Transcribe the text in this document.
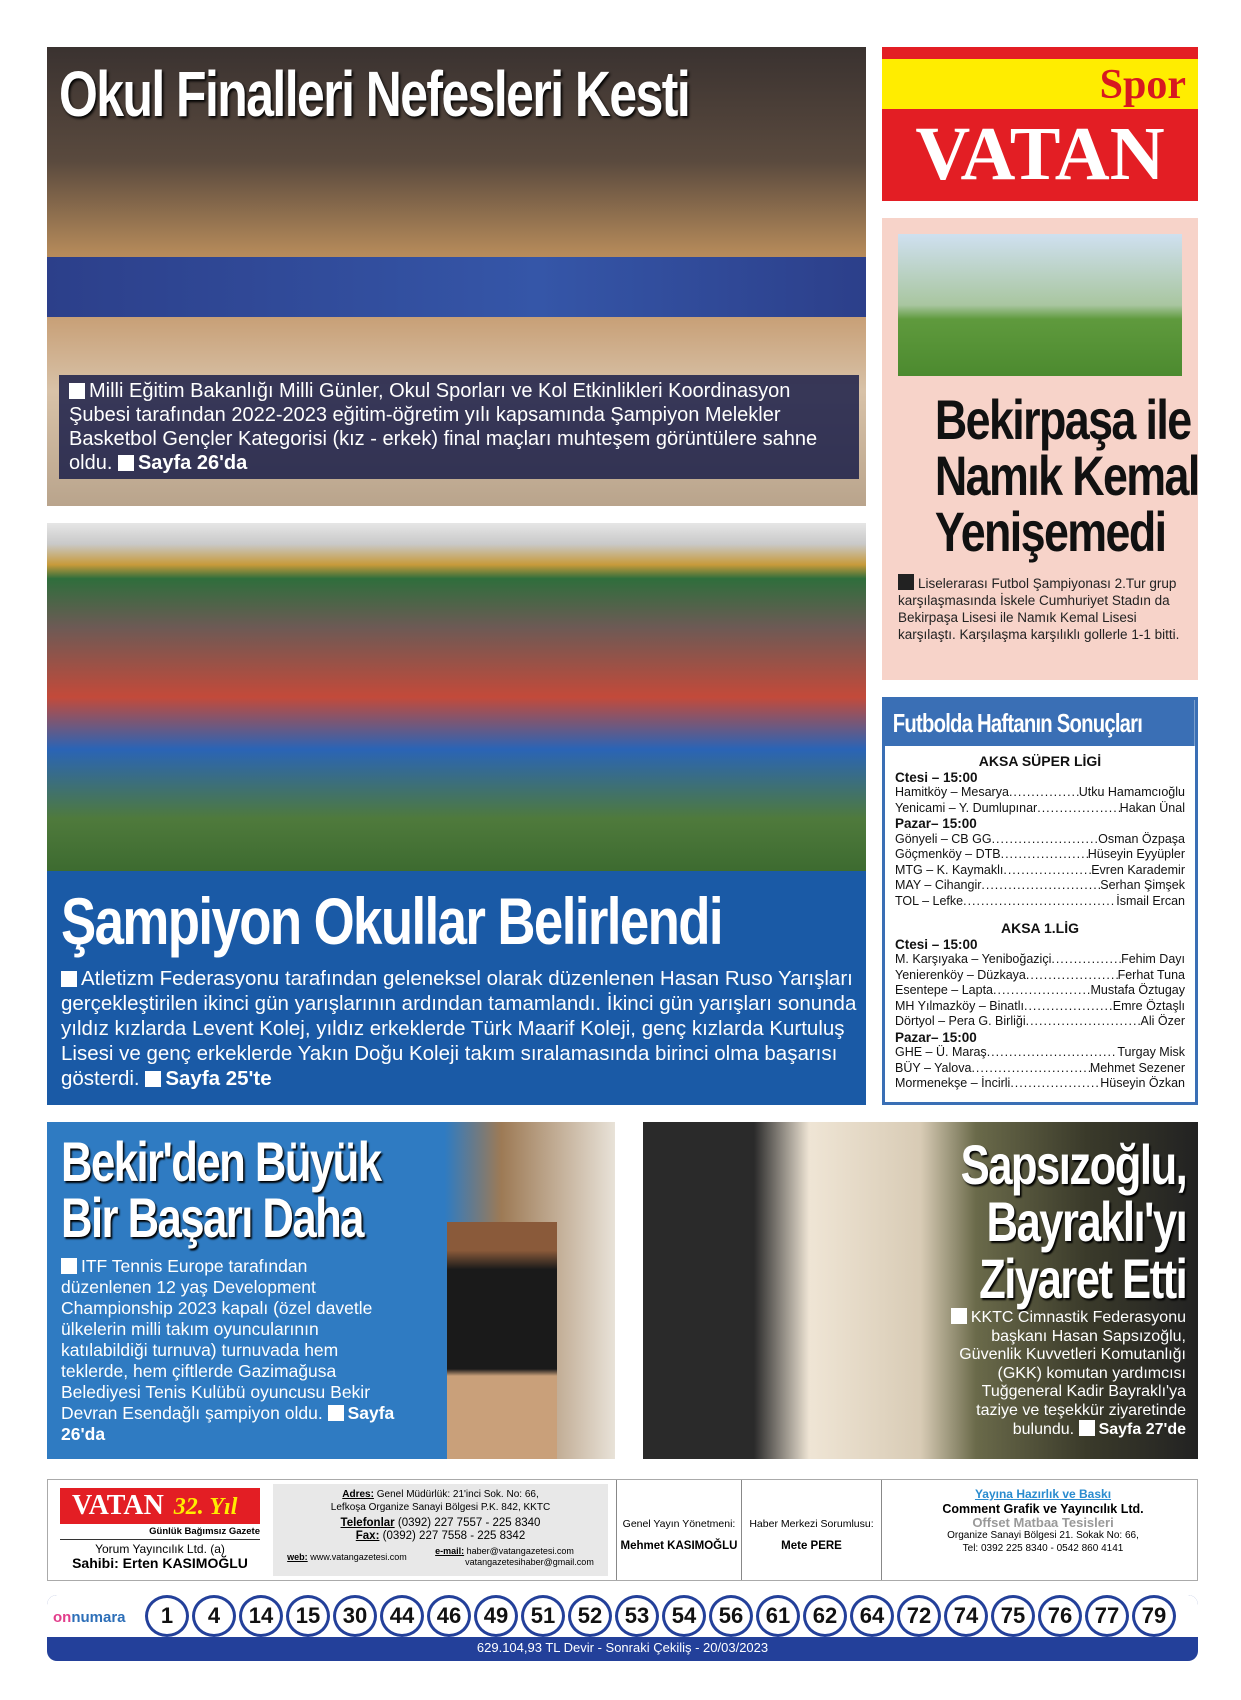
Okul Finalleri Nefesleri Kesti
Milli Eğitim Bakanlığı Milli Günler, Okul Sporları ve Kol Etkinlikleri Koordinasyon Şubesi tarafından 2022-2023 eğitim-öğretim yılı kapsamında Şampiyon Melekler Basketbol Gençler Kategorisi (kız - erkek) final maçları muhteşem görüntülere sahne oldu. Sayfa 26'da
Spor
VATAN
Bekirpaşa ile Namık Kemal Yenişemedi

Liselerarası Futbol Şampiyonası 2.Tur grup karşılaşmasında İskele Cumhuriyet Stadın da Bekirpaşa Lisesi ile Namık Kemal Lisesi karşılaştı. Karşılaşma karşılıklı gollerle 1-1 bitti.

Futbolda Haftanın Sonuçları
AKSA SÜPER LİGİ
Ctesi – 15:00
Hamitköy – Mesarya .....	Utku Hamamcıoğlu
Yenicami – Y. Dumlupınar .....	Hakan Ünal
Pazar– 15:00
Gönyeli – CB GG .....	Osman Özpaşa
Göçmenköy – DTB .....	Hüseyin Eyyüpler
MTG – K. Kaymaklı .....	Evren Karademir
MAY – Cihangir .....	Serhan Şimşek
TOL – Lefke .....	İsmail Ercan
AKSA 1.LİG
Ctesi – 15:00
M. Karşıyaka – Yeniboğaziçi .....	Fehim Dayı
Yenierenköy – Düzkaya .....	Ferhat Tuna
Esentepe – Lapta .....	Mustafa Öztugay
MH Yılmazköy – Binatlı .....	Emre Öztaşlı
Dörtyol – Pera G. Birliği .....	Ali Özer
Pazar– 15:00
GHE – Ü. Maraş .....	Turgay Misk
BÜY – Yalova .....	Mehmet Sezener
Mormenekşe – İncirli .....	Hüseyin Özkan
Şampiyon Okullar Belirlendi

Atletizm Federasyonu tarafından geleneksel olarak düzenlenen Hasan Ruso Yarışları gerçekleştirilen ikinci gün yarışlarının ardından tamamlandı. İkinci gün yarışları sonunda yıldız kızlarda Levent Kolej, yıldız erkeklerde Türk Maarif Koleji, genç kızlarda Kurtuluş Lisesi ve genç erkeklerde Yakın Doğu Koleji takım sıralamasında birinci olma başarısı gösterdi. Sayfa 25'te

Bekir'den Büyük
Bir Başarı Daha

ITF Tennis Europe tarafından düzenlenen 12 yaş Development Championship 2023 kapalı (özel davetle ülkelerin milli takım oyuncularının katılabildiği turnuva) turnuvada hem teklerde, hem çiftlerde Gazimağusa Belediyesi Tenis Kulübü oyuncusu Bekir Devran Esendağlı şampiyon oldu. Sayfa 26'da

Sapsızoğlu,
Bayraklı'yı
Ziyaret Etti

KKTC Cimnastik Federasyonu başkanı Hasan Sapsızoğlu, Güvenlik Kuvvetleri Komutanlığı (GKK) komutan yardımcısı Tuğgeneral Kadir Bayraklı'ya taziye ve teşekkür ziyaretinde bulundu. Sayfa 27'de

VATAN 32. Yıl
Günlük Bağımsız Gazete
Yorum Yayıncılık Ltd. (a)
Sahibi: Erten KASIMOĞLU
Adres: Genel Müdürlük: 21'inci Sok. No: 66,
Lefkoşa Organize Sanayi Bölgesi P.K. 842, KKTC
Telefonlar (0392) 227 7557 - 225 8340
Fax: (0392) 227 7558 - 225 8342
web: www.vatangazetesi.com
e-mail: haber@vatangazetesi.com
vatangazetesihaber@gmail.com
Genel Yayın Yönetmeni:
Mehmet KASIMOĞLU
Haber Merkezi Sorumlusu:
Mete PERE
Yayına Hazırlık ve Baskı
Comment Grafik ve Yayıncılık Ltd.
Offset Matbaa Tesisleri
Organize Sanayi Bölgesi 21. Sokak No: 66,
Tel: 0392 225 8340 - 0542 860 4141
onnumara	1	4	14	15	30	44	46	49	51	52	53	54	56	61	62	64	72	74	75	76	77	79
629.104,93 TL Devir - Sonraki Çekiliş - 20/03/2023
